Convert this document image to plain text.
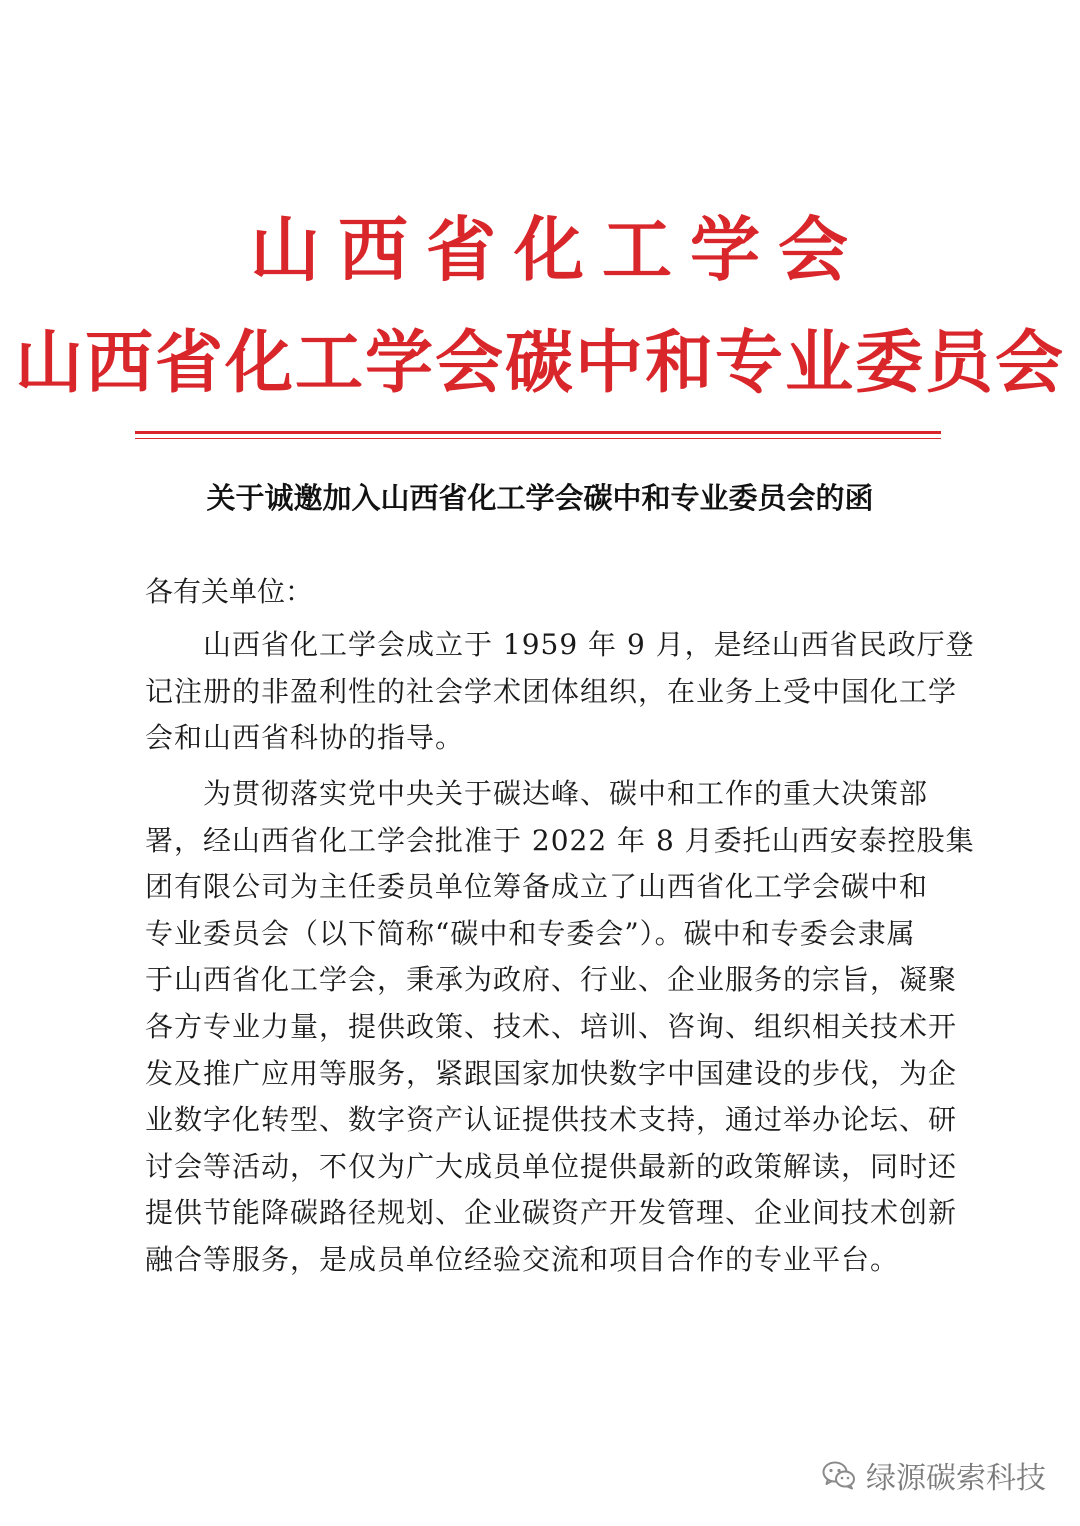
山西省化工学会
山西省化工学会碳中和专业委员会
关于诚邀加入山西省化工学会碳中和专业委员会的函

各有关单位：

山西省化工学会成立于 1959 年 9 月，是经山西省民政厅登
记注册的非盈利性的社会学术团体组织，在业务上受中国化工学
会和山西省科协的指导。

为贯彻落实党中央关于碳达峰、碳中和工作的重大决策部
署，经山西省化工学会批准于 2022 年 8 月委托山西安泰控股集
团有限公司为主任委员单位筹备成立了山西省化工学会碳中和
专业委员会（以下简称“碳中和专委会”）。碳中和专委会隶属
于山西省化工学会，秉承为政府、行业、企业服务的宗旨，凝聚
各方专业力量，提供政策、技术、培训、咨询、组织相关技术开
发及推广应用等服务，紧跟国家加快数字中国建设的步伐，为企
业数字化转型、数字资产认证提供技术支持，通过举办论坛、研
讨会等活动，不仅为广大成员单位提供最新的政策解读，同时还
提供节能降碳路径规划、企业碳资产开发管理、企业间技术创新
融合等服务，是成员单位经验交流和项目合作的专业平台。

绿源碳索科技
